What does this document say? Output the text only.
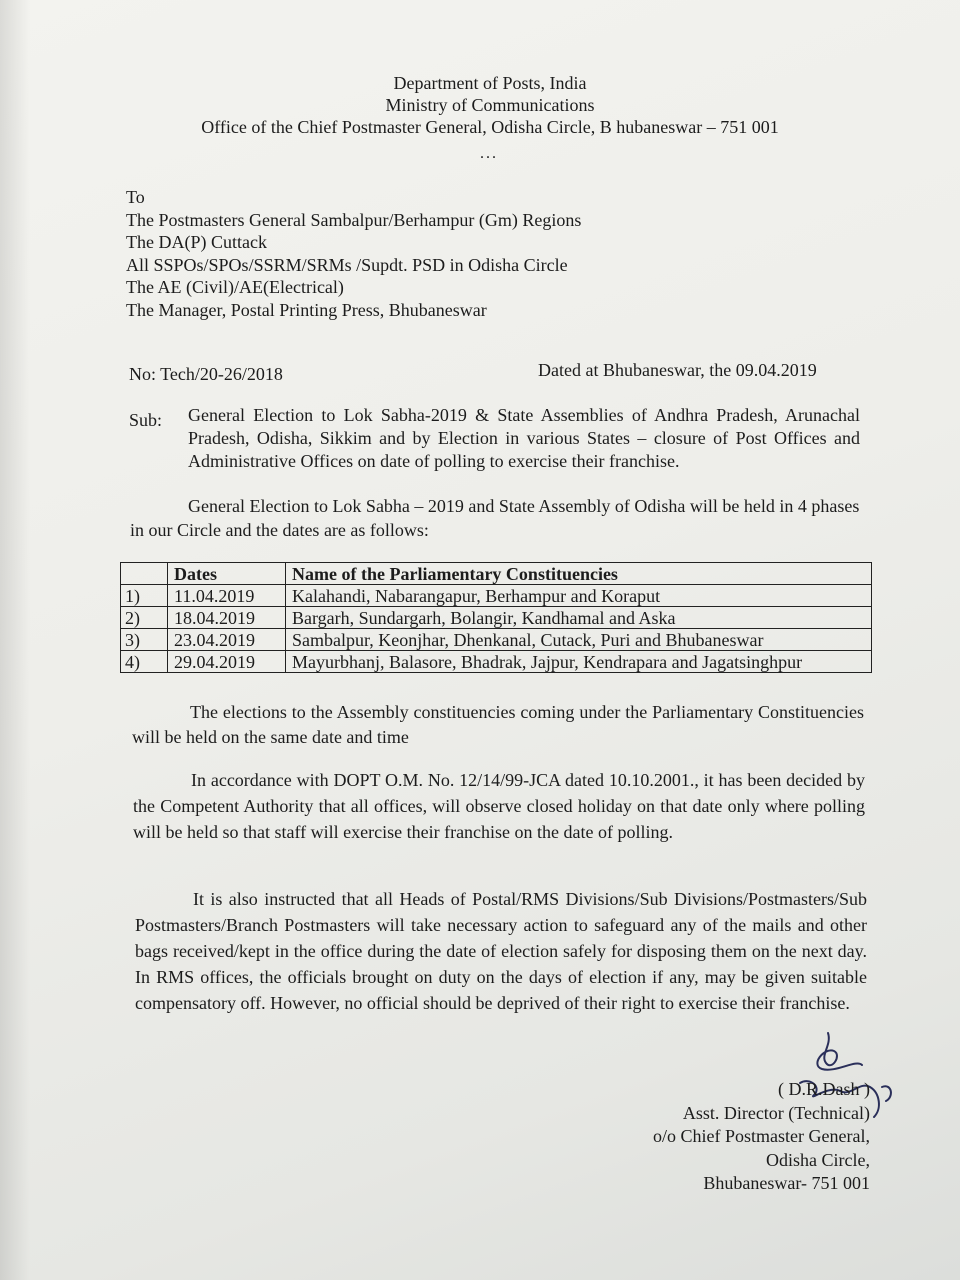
Department of Posts, India
Ministry of Communications
Office of the Chief Postmaster General, Odisha Circle, B hubaneswar – 751 001
...
To
The Postmasters General Sambalpur/Berhampur (Gm) Regions
The DA(P) Cuttack
All SSPOs/SPOs/SSRM/SRMs /Supdt. PSD in Odisha Circle
The AE (Civil)/AE(Electrical)
The Manager, Postal Printing Press, Bhubaneswar
No: Tech/20-26/2018	Dated at Bhubaneswar, the 09.04.2019
Sub: General Election to Lok Sabha-2019 & State Assemblies of Andhra Pradesh, Arunachal Pradesh, Odisha, Sikkim and by Election in various States – closure of Post Offices and Administrative Offices on date of polling to exercise their franchise.
General Election to Lok Sabha – 2019 and State Assembly of Odisha will be held in 4 phases in our Circle and the dates are as follows:
	Dates	Name of the Parliamentary Constituencies
1)	11.04.2019	Kalahandi, Nabarangapur, Berhampur and Koraput
2)	18.04.2019	Bargarh, Sundargarh, Bolangir, Kandhamal and Aska
3)	23.04.2019	Sambalpur, Keonjhar, Dhenkanal, Cutack, Puri and Bhubaneswar
4)	29.04.2019	Mayurbhanj, Balasore, Bhadrak, Jajpur, Kendrapara and Jagatsinghpur
The elections to the Assembly constituencies coming under the Parliamentary Constituencies will be held on the same date and time
In accordance with DOPT O.M. No. 12/14/99-JCA dated 10.10.2001., it has been decided by the Competent Authority that all offices, will observe closed holiday on that date only where polling will be held so that staff will exercise their franchise on the date of polling.
It is also instructed that all Heads of Postal/RMS Divisions/Sub Divisions/Postmasters/Sub Postmasters/Branch Postmasters will take necessary action to safeguard any of the mails and other bags received/kept in the office during the date of election safely for disposing them on the next day. In RMS offices, the officials brought on duty on the days of election if any, may be given suitable compensatory off. However, no official should be deprived of their right to exercise their franchise.
( D.R.Dash )
Asst. Director (Technical)
o/o Chief Postmaster General,
Odisha Circle,
Bhubaneswar- 751 001
